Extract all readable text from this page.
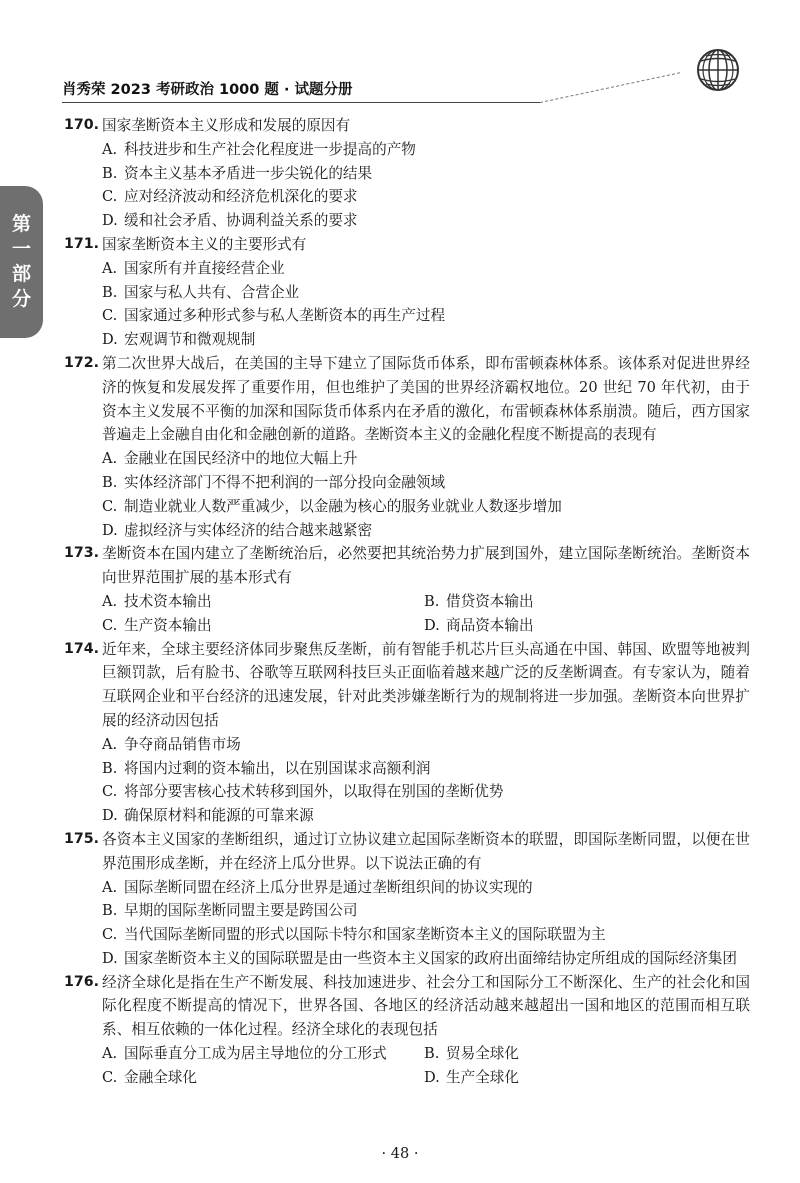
肖秀荣 2023 考研政治 1000 题 · 试题分册
第
一
部
分
170. 国家垄断资本主义形成和发展的原因有
A. 科技进步和生产社会化程度进一步提高的产物
B. 资本主义基本矛盾进一步尖锐化的结果
C. 应对经济波动和经济危机深化的要求
D. 缓和社会矛盾、协调利益关系的要求
171. 国家垄断资本主义的主要形式有
A. 国家所有并直接经营企业
B. 国家与私人共有、合营企业
C. 国家通过多种形式参与私人垄断资本的再生产过程
D. 宏观调节和微观规制
172. 第二次世界大战后，在美国的主导下建立了国际货币体系，即布雷顿森林体系。该体系对促进世界经济的恢复和发展发挥了重要作用，但也维护了美国的世界经济霸权地位。20 世纪 70 年代初，由于资本主义发展不平衡的加深和国际货币体系内在矛盾的激化，布雷顿森林体系崩溃。随后，西方国家普遍走上金融自由化和金融创新的道路。垄断资本主义的金融化程度不断提高的表现有
A. 金融业在国民经济中的地位大幅上升
B. 实体经济部门不得不把利润的一部分投向金融领域
C. 制造业就业人数严重减少，以金融为核心的服务业就业人数逐步增加
D. 虚拟经济与实体经济的结合越来越紧密
173. 垄断资本在国内建立了垄断统治后，必然要把其统治势力扩展到国外，建立国际垄断统治。垄断资本向世界范围扩展的基本形式有
A. 技术资本输出	B. 借贷资本输出
C. 生产资本输出	D. 商品资本输出
174. 近年来，全球主要经济体同步聚焦反垄断，前有智能手机芯片巨头高通在中国、韩国、欧盟等地被判巨额罚款，后有脸书、谷歌等互联网科技巨头正面临着越来越广泛的反垄断调查。有专家认为，随着互联网企业和平台经济的迅速发展，针对此类涉嫌垄断行为的规制将进一步加强。垄断资本向世界扩展的经济动因包括
A. 争夺商品销售市场
B. 将国内过剩的资本输出，以在别国谋求高额利润
C. 将部分要害核心技术转移到国外，以取得在别国的垄断优势
D. 确保原材料和能源的可靠来源
175. 各资本主义国家的垄断组织，通过订立协议建立起国际垄断资本的联盟，即国际垄断同盟，以便在世界范围形成垄断，并在经济上瓜分世界。以下说法正确的有
A. 国际垄断同盟在经济上瓜分世界是通过垄断组织间的协议实现的
B. 早期的国际垄断同盟主要是跨国公司
C. 当代国际垄断同盟的形式以国际卡特尔和国家垄断资本主义的国际联盟为主
D. 国家垄断资本主义的国际联盟是由一些资本主义国家的政府出面缔结协定所组成的国际经济集团
176. 经济全球化是指在生产不断发展、科技加速进步、社会分工和国际分工不断深化、生产的社会化和国际化程度不断提高的情况下，世界各国、各地区的经济活动越来越超出一国和地区的范围而相互联系、相互依赖的一体化过程。经济全球化的表现包括
A. 国际垂直分工成为居主导地位的分工形式	B. 贸易全球化
C. 金融全球化	D. 生产全球化
· 48 ·
